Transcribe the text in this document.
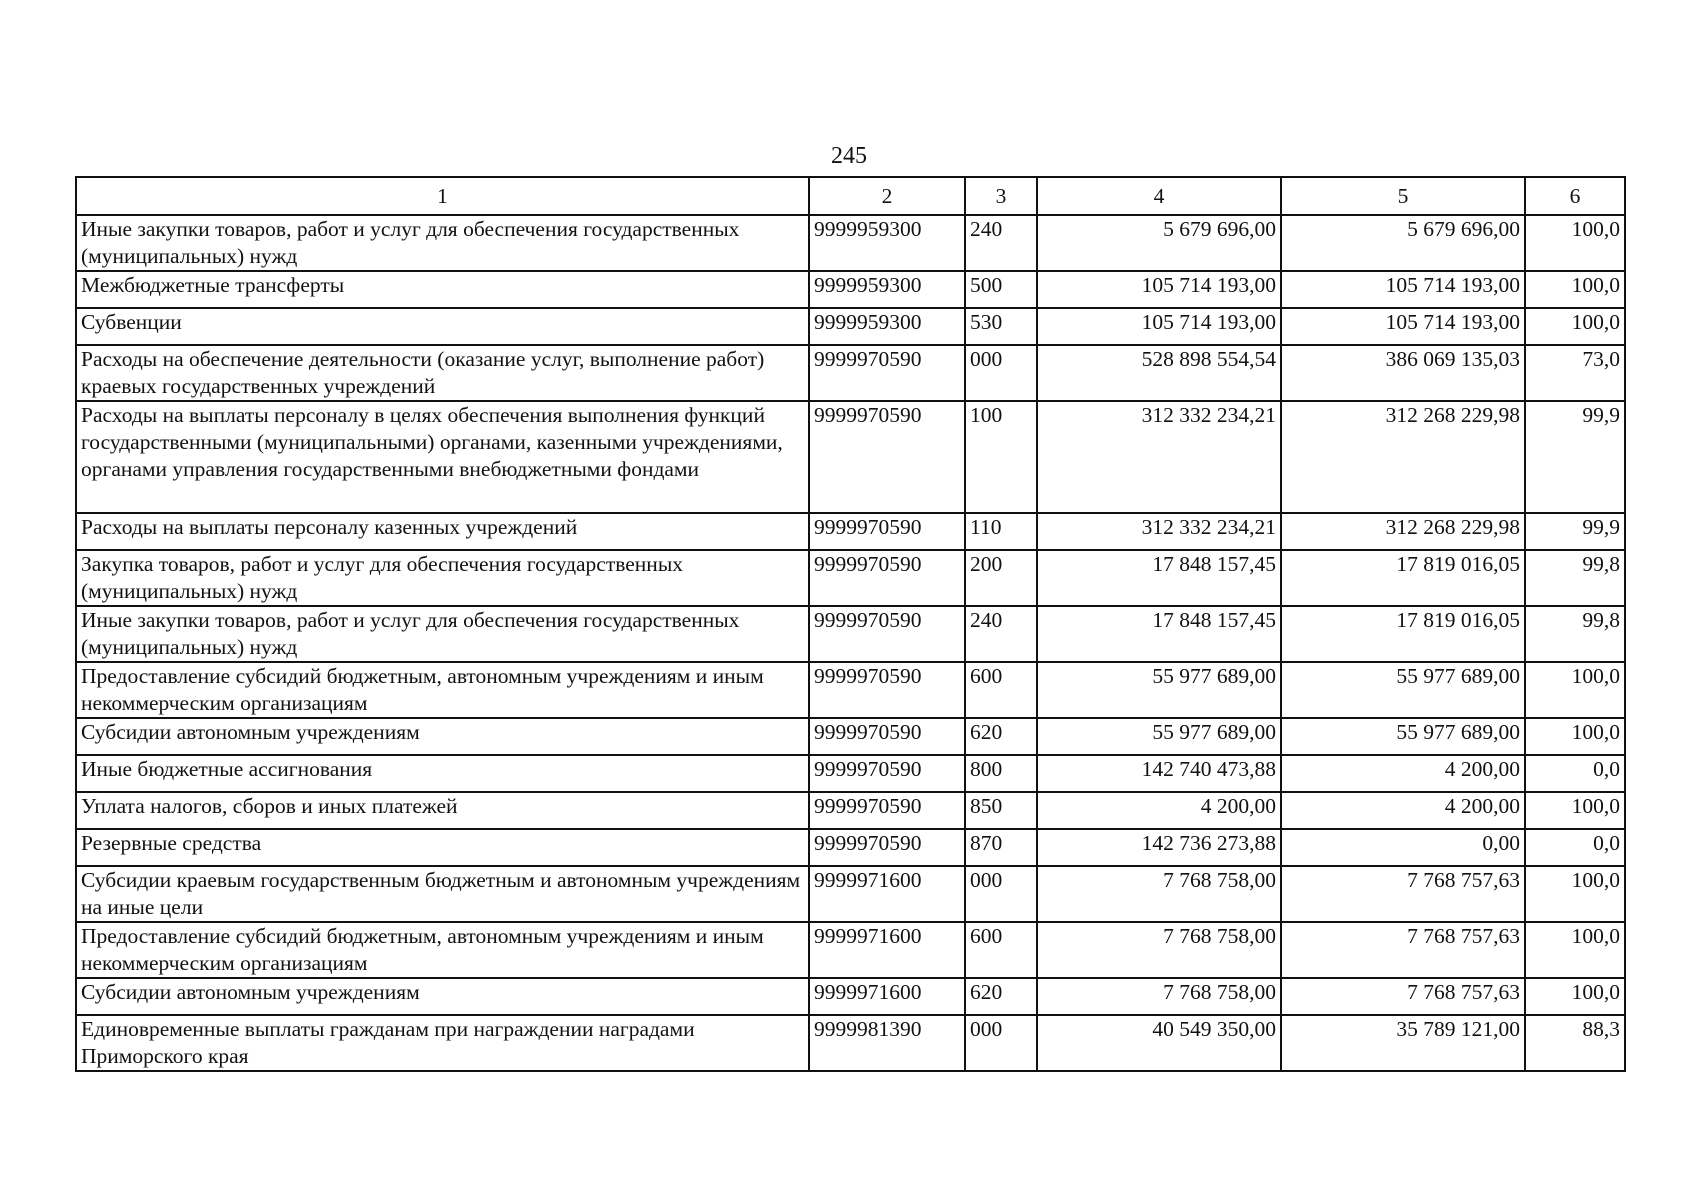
245
1	2	3	4	5	6
Иные закупки товаров, работ и услуг для обеспечения государственных (муниципальных) нужд	9999959300	240	5 679 696,00	5 679 696,00	100,0
Межбюджетные трансферты	9999959300	500	105 714 193,00	105 714 193,00	100,0
Субвенции	9999959300	530	105 714 193,00	105 714 193,00	100,0
Расходы на обеспечение деятельности (оказание услуг, выполнение работ) краевых государственных учреждений	9999970590	000	528 898 554,54	386 069 135,03	73,0
Расходы на выплаты персоналу в целях обеспечения выполнения функций государственными (муниципальными) органами, казенными учреждениями, органами управления государственными внебюджетными фондами	9999970590	100	312 332 234,21	312 268 229,98	99,9
Расходы на выплаты персоналу казенных учреждений	9999970590	110	312 332 234,21	312 268 229,98	99,9
Закупка товаров, работ и услуг для обеспечения государственных (муниципальных) нужд	9999970590	200	17 848 157,45	17 819 016,05	99,8
Иные закупки товаров, работ и услуг для обеспечения государственных (муниципальных) нужд	9999970590	240	17 848 157,45	17 819 016,05	99,8
Предоставление субсидий бюджетным, автономным учреждениям и иным некоммерческим организациям	9999970590	600	55 977 689,00	55 977 689,00	100,0
Субсидии автономным учреждениям	9999970590	620	55 977 689,00	55 977 689,00	100,0
Иные бюджетные ассигнования	9999970590	800	142 740 473,88	4 200,00	0,0
Уплата налогов, сборов и иных платежей	9999970590	850	4 200,00	4 200,00	100,0
Резервные средства	9999970590	870	142 736 273,88	0,00	0,0
Субсидии краевым государственным бюджетным и автономным учреждениям на иные цели	9999971600	000	7 768 758,00	7 768 757,63	100,0
Предоставление субсидий бюджетным, автономным учреждениям и иным некоммерческим организациям	9999971600	600	7 768 758,00	7 768 757,63	100,0
Субсидии автономным учреждениям	9999971600	620	7 768 758,00	7 768 757,63	100,0
Единовременные выплаты гражданам при награждении наградами Приморского края	9999981390	000	40 549 350,00	35 789 121,00	88,3
